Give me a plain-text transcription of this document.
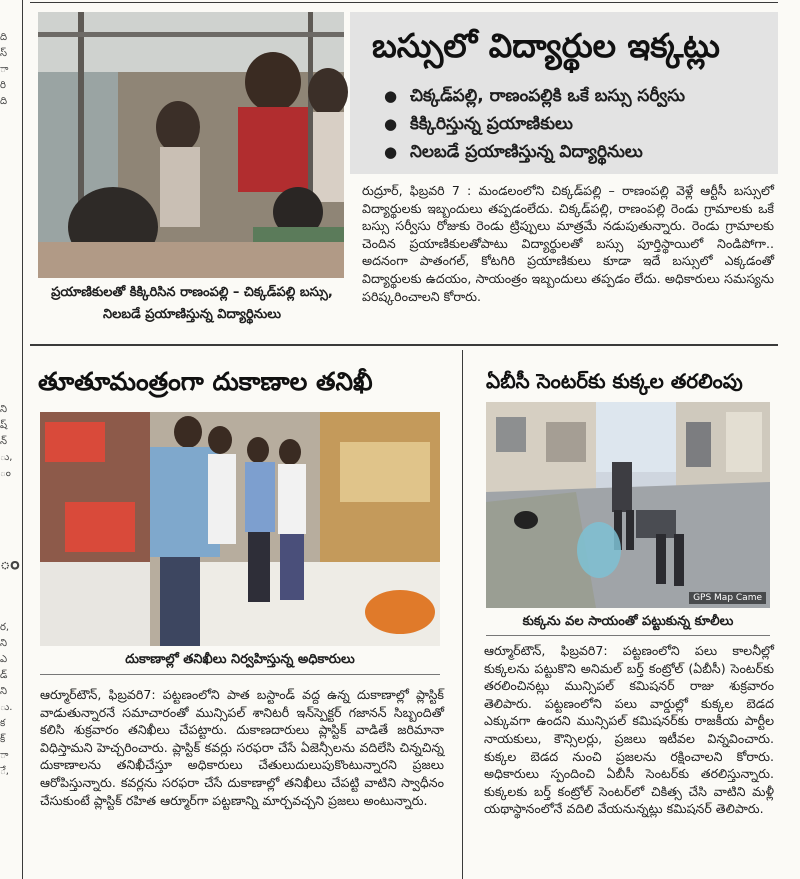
ది
స్
ా
రి
ది
ని
ష్
న్
ు,
ం
ం
ర,
ని
ఎ
డ్
ని
ు.
క
క్
ా
ే,
ప్రయాణికులతో కిక్కిరిసిన రాణంపల్లి – చిక్కడ్‌పల్లి బస్సు, నిలబడే ప్రయాణిస్తున్న విద్యార్థినులు
బస్సులో విద్యార్థుల ఇక్కట్లు
● చిక్కడ్‌పల్లి, రాణంపల్లికి ఒకే బస్సు సర్వీసు
● కిక్కిరిస్తున్న ప్రయాణికులు
● నిలబడే ప్రయాణిస్తున్న విద్యార్థినులు
రుద్రూర్‌, ఫిబ్రవరి 7 : మండలంలోని చిక్కడ్‌పల్లి – రాణంపల్లి వెళ్లే ఆర్టీసీ బస్సులో విద్యార్థులకు ఇబ్బందులు తప్పడంలేదు. చిక్కడ్‌పల్లి, రాణంపల్లి రెండు గ్రామాలకు ఒకే బస్సు సర్వీసు రోజుకు రెండు ట్రిప్పులు మాత్రమే నడుపుతున్నారు. రెండు గ్రామాలకు చెందిన ప్రయాణికులతోపాటు విద్యార్థులతో బస్సు పూర్తిస్థాయిలో నిండిపోగా.. అదనంగా పాతంగల్‌, కోటగిరి ప్రయాణికులు కూడా ఇదే బస్సులో ఎక్కడంతో విద్యార్థులకు ఉదయం, సాయంత్రం ఇబ్బందులు తప్పడం లేదు. అధికారులు సమస్యను పరిష్కరించాలని కోరారు.
తూతూమంత్రంగా దుకాణాల తనిఖీ
దుకాణాల్లో తనిఖీలు నిర్వహిస్తున్న అధికారులు
ఆర్మూర్‌టౌన్‌, ఫిబ్రవరి7: పట్టణంలోని పాత బస్టాండ్‌ వద్ద ఉన్న దుకాణాల్లో ప్లాస్టిక్‌ వాడుతున్నారనే సమాచారంతో మున్సిపల్‌ శానిటరీ ఇన్‌స్పెక్టర్‌ గజానన్‌ సిబ్బందితో కలిసి శుక్రవారం తనిఖీలు చేపట్టారు. దుకాణదారులు ప్లాస్టిక్‌ వాడితే జరిమానా విధిస్తామని హెచ్చరించారు. ప్లాస్టిక్‌ కవర్లు సరఫరా చేసే ఏజెన్సీలను వదిలేసి చిన్నచిన్న దుకాణాలను తనిఖీచేస్తూ అధికారులు చేతులుదులుపుకొంటున్నారని ప్రజలు ఆరోపిస్తున్నారు. కవర్లను సరఫరా చేసే దుకాణాల్లో తనిఖీలు చేపట్టి వాటిని స్వాధీనం చేసుకుంటే ప్లాస్టిక్‌ రహిత ఆర్మూర్‌గా పట్టణాన్ని మార్చవచ్చని ప్రజలు అంటున్నారు.
ఏబీసీ సెంటర్‌కు కుక్కల తరలింపు
GPS Map Came
కుక్కను వల సాయంతో పట్టుకున్న కూలీలు
ఆర్మూర్‌టౌన్‌, ఫిబ్రవరి7: పట్టణంలోని పలు కాలనీల్లో కుక్కలను పట్టుకొని అనిమల్‌ బర్త్‌ కంట్రోల్‌ (ఏబీసీ) సెంటర్‌కు తరలించినట్లు మున్సిపల్‌ కమిషనర్‌ రాజు శుక్రవారం తెలిపారు. పట్టణంలోని పలు వార్డుల్లో కుక్కల బెడద ఎక్కువగా ఉందని మున్సిపల్‌ కమిషనర్‌కు రాజకీయ పార్టీల నాయకులు, కౌన్సిలర్లు, ప్రజలు ఇటీవల విన్నవించారు. కుక్కల బెడద నుంచి ప్రజలను రక్షించాలని కోరారు. అధికారులు స్పందించి ఏబీసీ సెంటర్‌కు తరలిస్తున్నారు. కుక్కలకు బర్త్‌ కంట్రోల్‌ సెంటర్‌లో చికిత్స చేసి వాటిని మళ్లీ యథాస్థానంలోనే వదిలి వేయనున్నట్లు కమిషనర్‌ తెలిపారు.
